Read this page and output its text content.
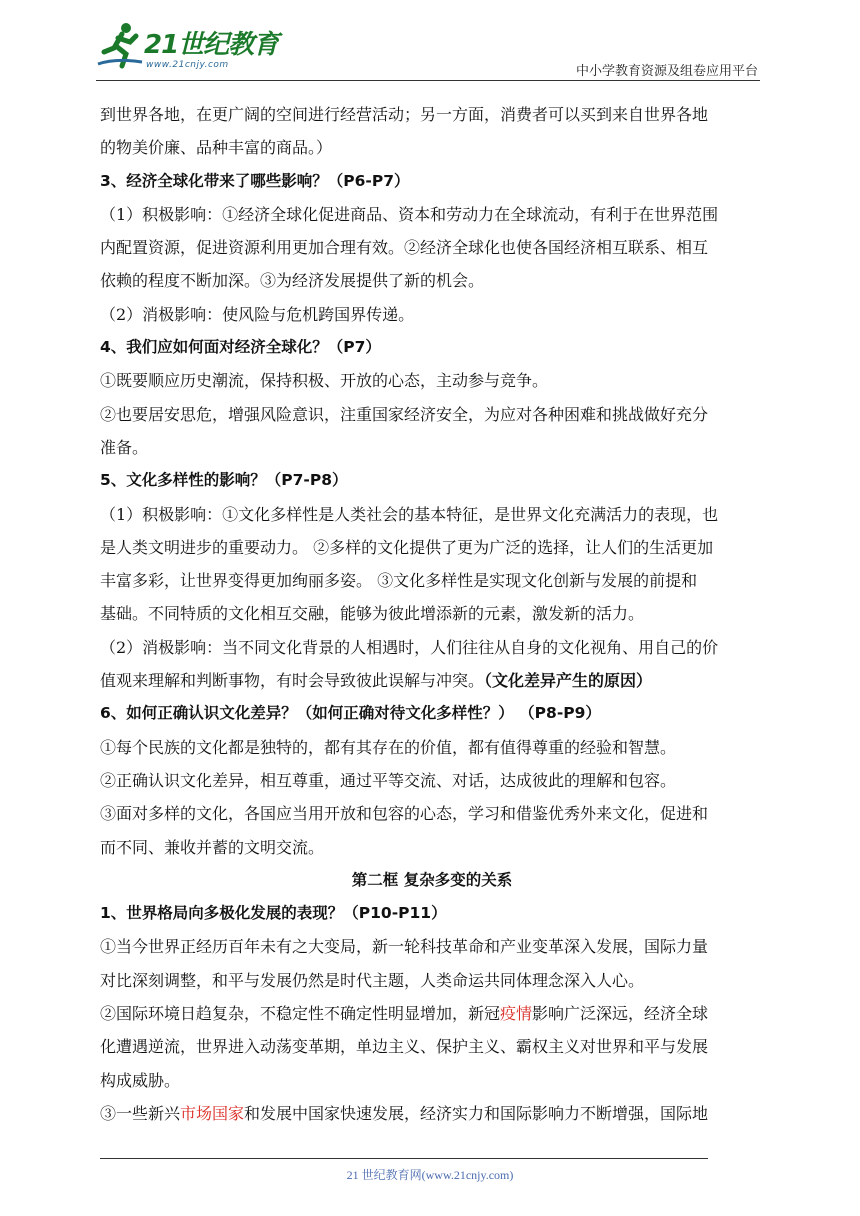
21世纪教育
www.21cnjy.com	中小学教育资源及组卷应用平台
到世界各地，在更广阔的空间进行经营活动；另一方面，消费者可以买到来自世界各地
的物美价廉、品种丰富的商品。）
3、经济全球化带来了哪些影响？（P6-P7）
（1）积极影响：①经济全球化促进商品、资本和劳动力在全球流动，有利于在世界范围
内配置资源，促进资源利用更加合理有效。②经济全球化也使各国经济相互联系、相互
依赖的程度不断加深。③为经济发展提供了新的机会。
（2）消极影响：使风险与危机跨国界传递。
4、我们应如何面对经济全球化？（P7）
①既要顺应历史潮流，保持积极、开放的心态，主动参与竞争。
②也要居安思危，增强风险意识，注重国家经济安全，为应对各种困难和挑战做好充分
准备。
5、文化多样性的影响？（P7-P8）
（1）积极影响：①文化多样性是人类社会的基本特征，是世界文化充满活力的表现，也
是人类文明进步的重要动力。 ②多样的文化提供了更为广泛的选择，让人们的生活更加
丰富多彩，让世界变得更加绚丽多姿。 ③文化多样性是实现文化创新与发展的前提和
基础。不同特质的文化相互交融，能够为彼此增添新的元素，激发新的活力。
（2）消极影响：当不同文化背景的人相遇时，人们往往从自身的文化视角、用自己的价
值观来理解和判断事物，有时会导致彼此误解与冲突。（文化差异产生的原因）
6、如何正确认识文化差异？（如何正确对待文化多样性？） （P8-P9）
①每个民族的文化都是独特的，都有其存在的价值，都有值得尊重的经验和智慧。
②正确认识文化差异，相互尊重，通过平等交流、对话，达成彼此的理解和包容。
③面对多样的文化，各国应当用开放和包容的心态，学习和借鉴优秀外来文化，促进和
而不同、兼收并蓄的文明交流。
第二框 复杂多变的关系
1、世界格局向多极化发展的表现？（P10-P11）
①当今世界正经历百年未有之大变局，新一轮科技革命和产业变革深入发展，国际力量
对比深刻调整，和平与发展仍然是时代主题，人类命运共同体理念深入人心。
②国际环境日趋复杂，不稳定性不确定性明显增加，新冠疫情影响广泛深远，经济全球
化遭遇逆流，世界进入动荡变革期，单边主义、保护主义、霸权主义对世界和平与发展
构成威胁。
③一些新兴市场国家和发展中国家快速发展，经济实力和国际影响力不断增强，国际地
21 世纪教育网(www.21cnjy.com)
